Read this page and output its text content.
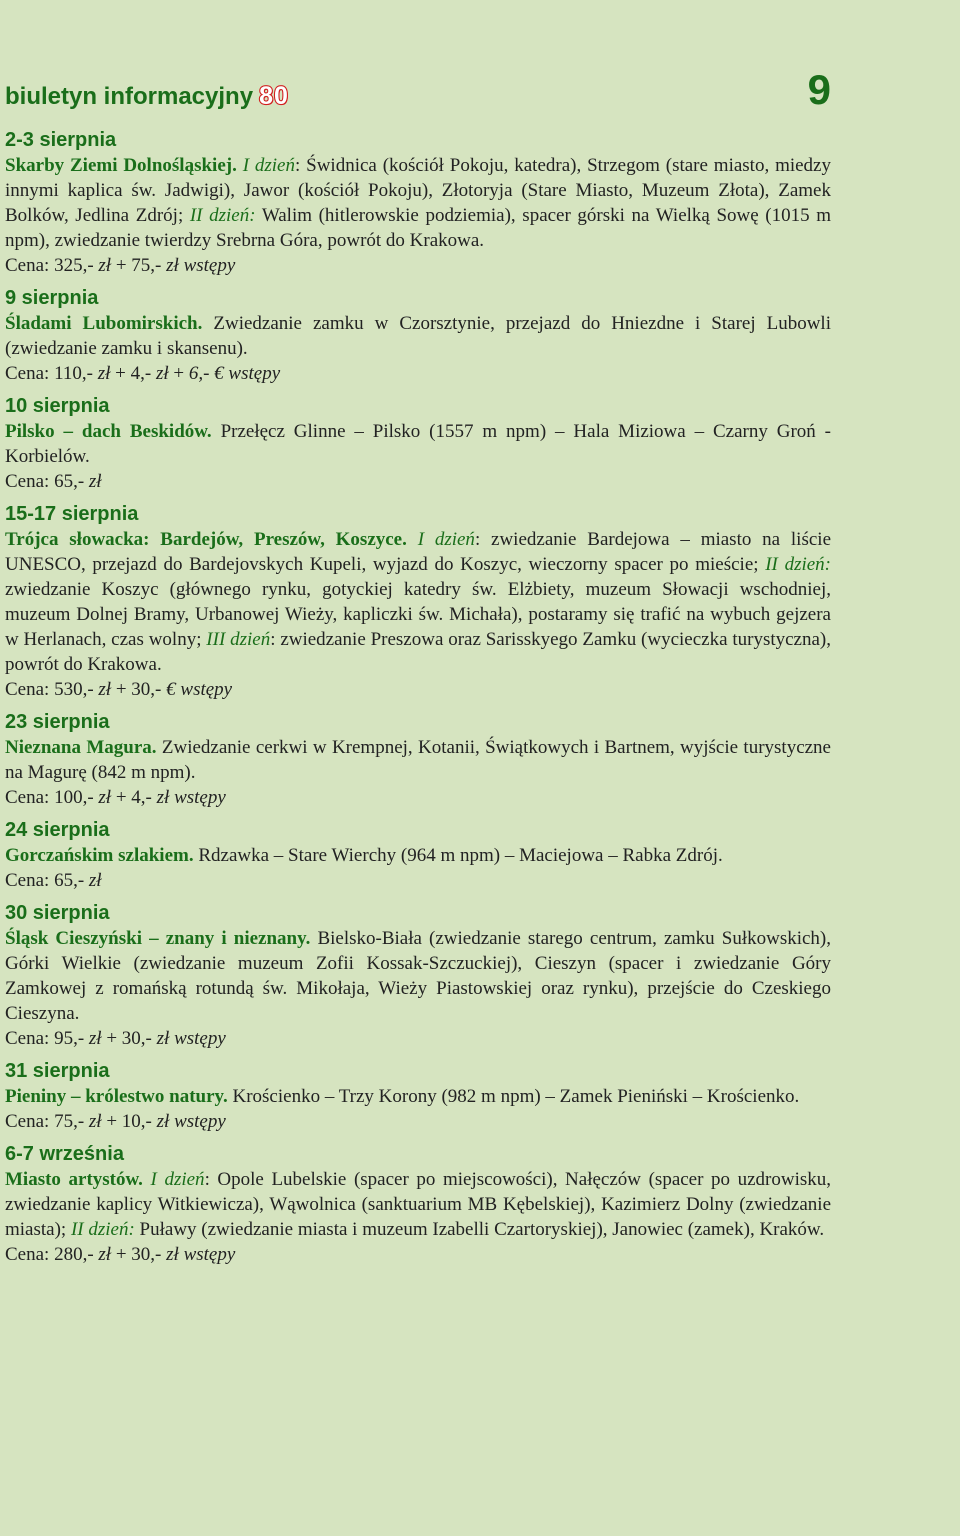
biuletyn informacyjny 80	9
2-3 sierpnia
Skarby Ziemi Dolnośląskiej. I dzień: Świdnica (kościół Pokoju, katedra), Strzegom (stare miasto, miedzy innymi kaplica św. Jadwigi), Jawor (kościół Pokoju), Złotoryja (Stare Miasto, Muzeum Złota), Zamek Bolków, Jedlina Zdrój; II dzień: Walim (hitlerowskie podziemia), spacer górski na Wielką Sowę (1015 m npm), zwiedzanie twierdzy Srebrna Góra, powrót do Krakowa.
Cena: 325,- zł + 75,- zł wstępy
9 sierpnia
Śladami Lubomirskich. Zwiedzanie zamku w Czorsztynie, przejazd do Hniezdne i Starej Lubowli (zwiedzanie zamku i skansenu).
Cena: 110,- zł + 4,- zł + 6,- € wstępy
10 sierpnia
Pilsko – dach Beskidów. Przełęcz Glinne – Pilsko (1557 m npm) – Hala Miziowa – Czarny Groń - Korbielów.
Cena: 65,- zł
15-17 sierpnia
Trójca słowacka: Bardejów, Preszów, Koszyce. I dzień: zwiedzanie Bardejowa – miasto na liście UNESCO, przejazd do Bardejovskych Kupeli, wyjazd do Koszyc, wieczorny spacer po mieście; II dzień: zwiedzanie Koszyc (głównego rynku, gotyckiej katedry św. Elżbiety, muzeum Słowacji wschodniej, muzeum Dolnej Bramy, Urbanowej Wieży, kapliczki św. Michała), postaramy się trafić na wybuch gejzera w Herlanach, czas wolny; III dzień: zwiedzanie Preszowa oraz Sarisskyego Zamku (wycieczka turystyczna), powrót do Krakowa.
Cena: 530,- zł + 30,- € wstępy
23 sierpnia
Nieznana Magura. Zwiedzanie cerkwi w Krempnej, Kotanii, Świątkowych i Bartnem, wyjście turystyczne na Magurę (842 m npm).
Cena: 100,- zł + 4,- zł wstępy
24 sierpnia
Gorczańskim szlakiem. Rdzawka – Stare Wierchy (964 m npm) – Maciejowa – Rabka Zdrój.
Cena: 65,- zł
30 sierpnia
Śląsk Cieszyński – znany i nieznany. Bielsko-Biała (zwiedzanie starego centrum, zamku Sułkowskich), Górki Wielkie (zwiedzanie muzeum Zofii Kossak-Szczuckiej), Cieszyn (spacer i zwiedzanie Góry Zamkowej z romańską rotundą św. Mikołaja, Wieży Piastowskiej oraz rynku), przejście do Czeskiego Cieszyna.
Cena: 95,- zł + 30,- zł wstępy
31 sierpnia
Pieniny – królestwo natury. Krościenko – Trzy Korony (982 m npm) – Zamek Pieniński – Krościenko.
Cena: 75,- zł + 10,- zł wstępy
6-7 września
Miasto artystów. I dzień: Opole Lubelskie (spacer po miejscowości), Nałęczów (spacer po uzdrowisku, zwiedzanie kaplicy Witkiewicza), Wąwolnica (sanktuarium MB Kębelskiej), Kazimierz Dolny (zwiedzanie miasta); II dzień: Puławy (zwiedzanie miasta i muzeum Izabelli Czartoryskiej), Janowiec (zamek), Kraków.
Cena: 280,- zł + 30,- zł wstępy
